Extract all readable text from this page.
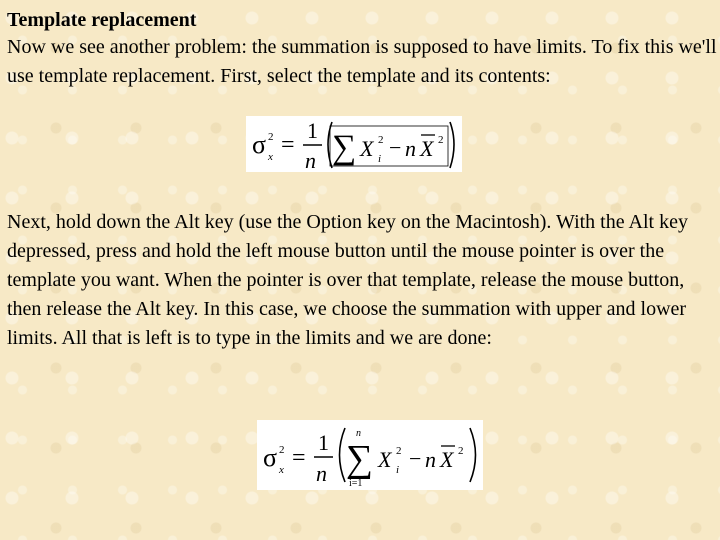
Template replacement

Now we see another problem: the summation is supposed to have limits. To fix this we'll use template replacement. First, select the template and its contents:

σ 2
x =
1
n ∑ X 2
i − n X 2

Next, hold down the Alt key (use the Option key on the Macintosh). With the Alt key depressed, press and hold the left mouse button until the mouse pointer is over the template you want. When the pointer is over that template, release the mouse button, then release the Alt key. In this case, we choose the summation with upper and lower limits. All that is left is to type in the limits and we are done:

σ 2
x =
1
n
n
∑
i=1
X 2
i − n X 2
